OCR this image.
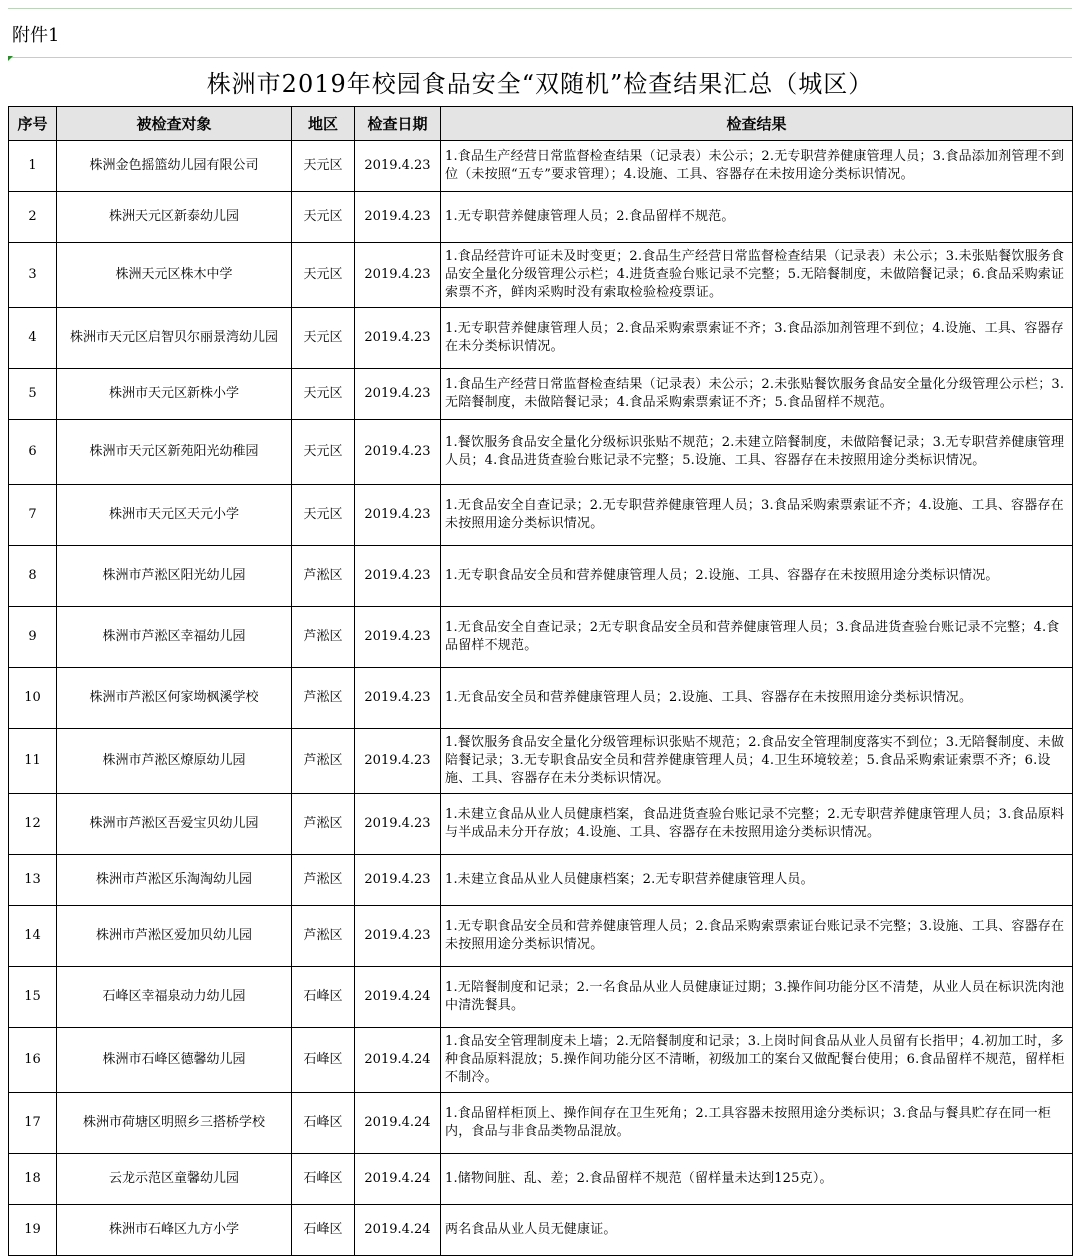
附件1
株洲市2019年校园食品安全“双随机”检查结果汇总（城区）
序号	被检查对象	地区	检查日期	检查结果
1	株洲金色摇篮幼儿园有限公司	天元区	2019.4.23	1.食品生产经营日常监督检查结果（记录表）未公示；2.无专职营养健康管理人员；3.食品添加剂管理不到位（未按照“五专”要求管理）；4.设施、工具、容器存在未按用途分类标识情况。
2	株洲天元区新泰幼儿园	天元区	2019.4.23	1.无专职营养健康管理人员；2.食品留样不规范。
3	株洲天元区株木中学	天元区	2019.4.23	1.食品经营许可证未及时变更；2.食品生产经营日常监督检查结果（记录表）未公示；3.未张贴餐饮服务食品安全量化分级管理公示栏；4.进货查验台账记录不完整；5.无陪餐制度，未做陪餐记录；6.食品采购索证索票不齐，鲜肉采购时没有索取检验检疫票证。
4	株洲市天元区启智贝尔丽景湾幼儿园	天元区	2019.4.23	1.无专职营养健康管理人员；2.食品采购索票索证不齐；3.食品添加剂管理不到位；4.设施、工具、容器存在未分类标识情况。
5	株洲市天元区新株小学	天元区	2019.4.23	1.食品生产经营日常监督检查结果（记录表）未公示；2.未张贴餐饮服务食品安全量化分级管理公示栏；3.无陪餐制度，未做陪餐记录；4.食品采购索票索证不齐；5.食品留样不规范。
6	株洲市天元区新苑阳光幼稚园	天元区	2019.4.23	1.餐饮服务食品安全量化分级标识张贴不规范；2.未建立陪餐制度，未做陪餐记录；3.无专职营养健康管理人员；4.食品进货查验台账记录不完整；5.设施、工具、容器存在未按照用途分类标识情况。
7	株洲市天元区天元小学	天元区	2019.4.23	1.无食品安全自查记录；2.无专职营养健康管理人员；3.食品采购索票索证不齐；4.设施、工具、容器存在未按照用途分类标识情况。
8	株洲市芦淞区阳光幼儿园	芦淞区	2019.4.23	1.无专职食品安全员和营养健康管理人员；2.设施、工具、容器存在未按照用途分类标识情况。
9	株洲市芦淞区幸福幼儿园	芦淞区	2019.4.23	1.无食品安全自查记录；2无专职食品安全员和营养健康管理人员；3.食品进货查验台账记录不完整；4.食品留样不规范。
10	株洲市芦淞区何家坳枫溪学校	芦淞区	2019.4.23	1.无食品安全员和营养健康管理人员；2.设施、工具、容器存在未按照用途分类标识情况。
11	株洲市芦淞区燎原幼儿园	芦淞区	2019.4.23	1.餐饮服务食品安全量化分级管理标识张贴不规范；2.食品安全管理制度落实不到位；3.无陪餐制度、未做陪餐记录；3.无专职食品安全员和营养健康管理人员；4.卫生环境较差；5.食品采购索证索票不齐；6.设施、工具、容器存在未分类标识情况。
12	株洲市芦淞区吾爱宝贝幼儿园	芦淞区	2019.4.23	1.未建立食品从业人员健康档案，食品进货查验台账记录不完整；2.无专职营养健康管理人员；3.食品原料与半成品未分开存放；4.设施、工具、容器存在未按照用途分类标识情况。
13	株洲市芦淞区乐淘淘幼儿园	芦淞区	2019.4.23	1.未建立食品从业人员健康档案；2.无专职营养健康管理人员。
14	株洲市芦淞区爱加贝幼儿园	芦淞区	2019.4.23	1.无专职食品安全员和营养健康管理人员；2.食品采购索票索证台账记录不完整；3.设施、工具、容器存在未按照用途分类标识情况。
15	石峰区幸福泉动力幼儿园	石峰区	2019.4.24	1.无陪餐制度和记录；2.一名食品从业人员健康证过期；3.操作间功能分区不清楚，从业人员在标识洗肉池中清洗餐具。
16	株洲市石峰区德馨幼儿园	石峰区	2019.4.24	1.食品安全管理制度未上墙；2.无陪餐制度和记录；3.上岗时间食品从业人员留有长指甲；4.初加工时，多种食品原料混放；5.操作间功能分区不清晰，初级加工的案台又做配餐台使用；6.食品留样不规范，留样柜不制冷。
17	株洲市荷塘区明照乡三搭桥学校	石峰区	2019.4.24	1.食品留样柜顶上、操作间存在卫生死角；2.工具容器未按照用途分类标识；3.食品与餐具贮存在同一柜内，食品与非食品类物品混放。
18	云龙示范区童馨幼儿园	石峰区	2019.4.24	1.储物间脏、乱、差；2.食品留样不规范（留样量未达到125克）。
19	株洲市石峰区九方小学	石峰区	2019.4.24	两名食品从业人员无健康证。
